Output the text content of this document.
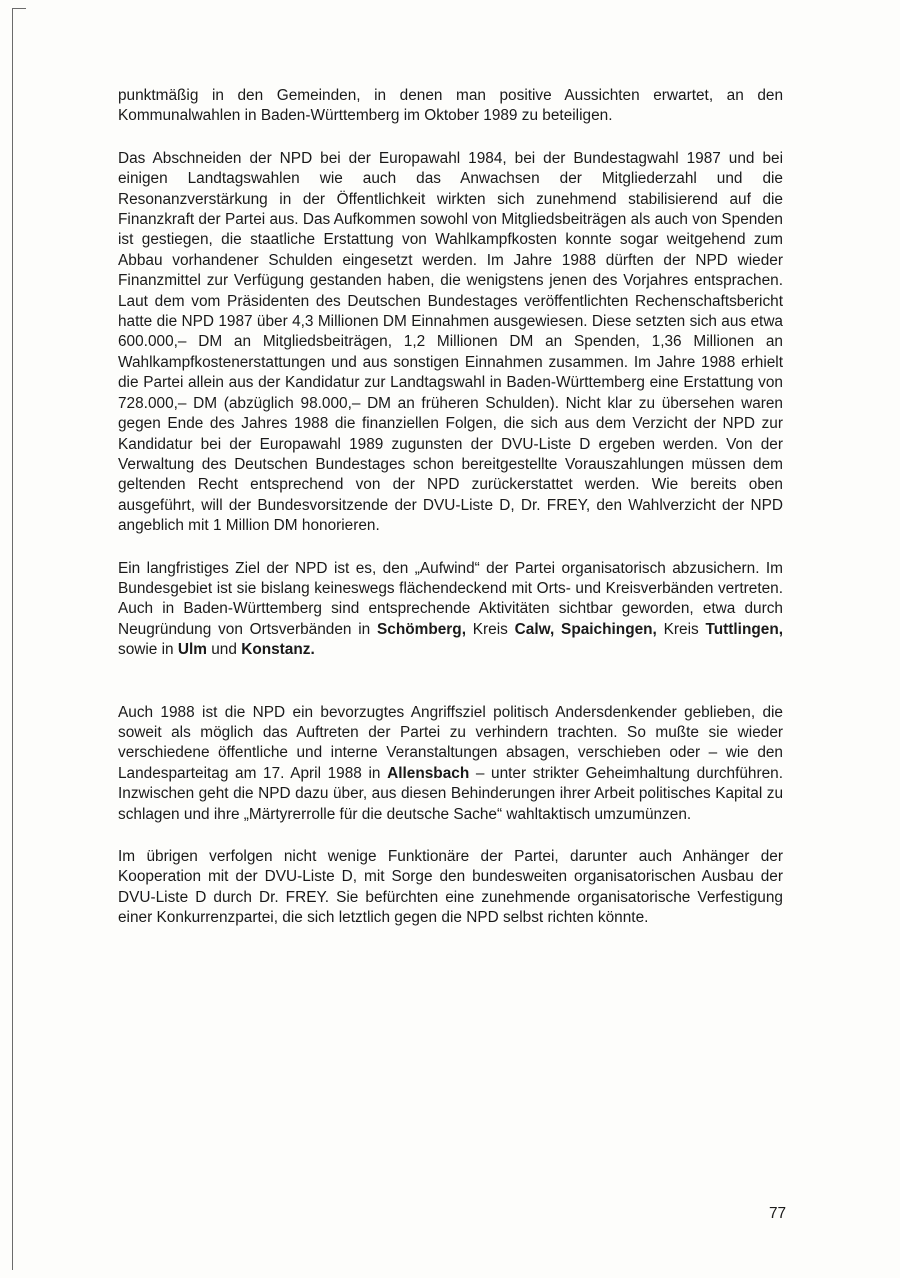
punktmäßig in den Gemeinden, in denen man positive Aussichten erwartet, an den Kommunalwahlen in Baden-Württemberg im Oktober 1989 zu beteiligen.

Das Abschneiden der NPD bei der Europawahl 1984, bei der Bundestagwahl 1987 und bei einigen Landtagswahlen wie auch das Anwachsen der Mitgliederzahl und die Resonanzverstärkung in der Öffentlichkeit wirkten sich zunehmend stabilisierend auf die Finanzkraft der Partei aus. Das Aufkommen sowohl von Mitgliedsbeiträgen als auch von Spenden ist gestiegen, die staatliche Erstattung von Wahlkampfkosten konnte sogar weitgehend zum Abbau vorhandener Schulden eingesetzt werden. Im Jahre 1988 dürften der NPD wieder Finanzmittel zur Verfügung gestanden haben, die wenigstens jenen des Vorjahres entsprachen. Laut dem vom Präsidenten des Deutschen Bundestages veröffentlichten Rechenschaftsbericht hatte die NPD 1987 über 4,3 Millionen DM Einnahmen ausgewiesen. Diese setzten sich aus etwa 600.000,– DM an Mitgliedsbeiträgen, 1,2 Millionen DM an Spenden, 1,36 Millionen an Wahlkampfkostenerstattungen und aus sonstigen Einnahmen zusammen. Im Jahre 1988 erhielt die Partei allein aus der Kandidatur zur Landtagswahl in Baden-Württemberg eine Erstattung von 728.000,– DM (abzüglich 98.000,– DM an früheren Schulden). Nicht klar zu übersehen waren gegen Ende des Jahres 1988 die finanziellen Folgen, die sich aus dem Verzicht der NPD zur Kandidatur bei der Europawahl 1989 zugunsten der DVU-Liste D ergeben werden. Von der Verwaltung des Deutschen Bundestages schon bereitgestellte Vorauszahlungen müssen dem geltenden Recht entsprechend von der NPD zurückerstattet werden. Wie bereits oben ausgeführt, will der Bundesvorsitzende der DVU-Liste D, Dr. FREY, den Wahlverzicht der NPD angeblich mit 1 Million DM honorieren.

Ein langfristiges Ziel der NPD ist es, den „Aufwind“ der Partei organisatorisch abzusichern. Im Bundesgebiet ist sie bislang keineswegs flächendeckend mit Orts- und Kreisverbänden vertreten. Auch in Baden-Württemberg sind entsprechende Aktivitäten sichtbar geworden, etwa durch Neugründung von Ortsverbänden in Schömberg, Kreis Calw, Spaichingen, Kreis Tuttlingen, sowie in Ulm und Konstanz.

Auch 1988 ist die NPD ein bevorzugtes Angriffsziel politisch Andersdenkender geblieben, die soweit als möglich das Auftreten der Partei zu verhindern trachten. So mußte sie wieder verschiedene öffentliche und interne Veranstaltungen absagen, verschieben oder – wie den Landesparteitag am 17. April 1988 in Allensbach – unter strikter Geheimhaltung durchführen. Inzwischen geht die NPD dazu über, aus diesen Behinderungen ihrer Arbeit politisches Kapital zu schlagen und ihre „Märtyrerrolle für die deutsche Sache“ wahltaktisch umzumünzen.

Im übrigen verfolgen nicht wenige Funktionäre der Partei, darunter auch Anhänger der Kooperation mit der DVU-Liste D, mit Sorge den bundesweiten organisatorischen Ausbau der DVU-Liste D durch Dr. FREY. Sie befürchten eine zunehmende organisatorische Verfestigung einer Konkurrenzpartei, die sich letztlich gegen die NPD selbst richten könnte.

77
